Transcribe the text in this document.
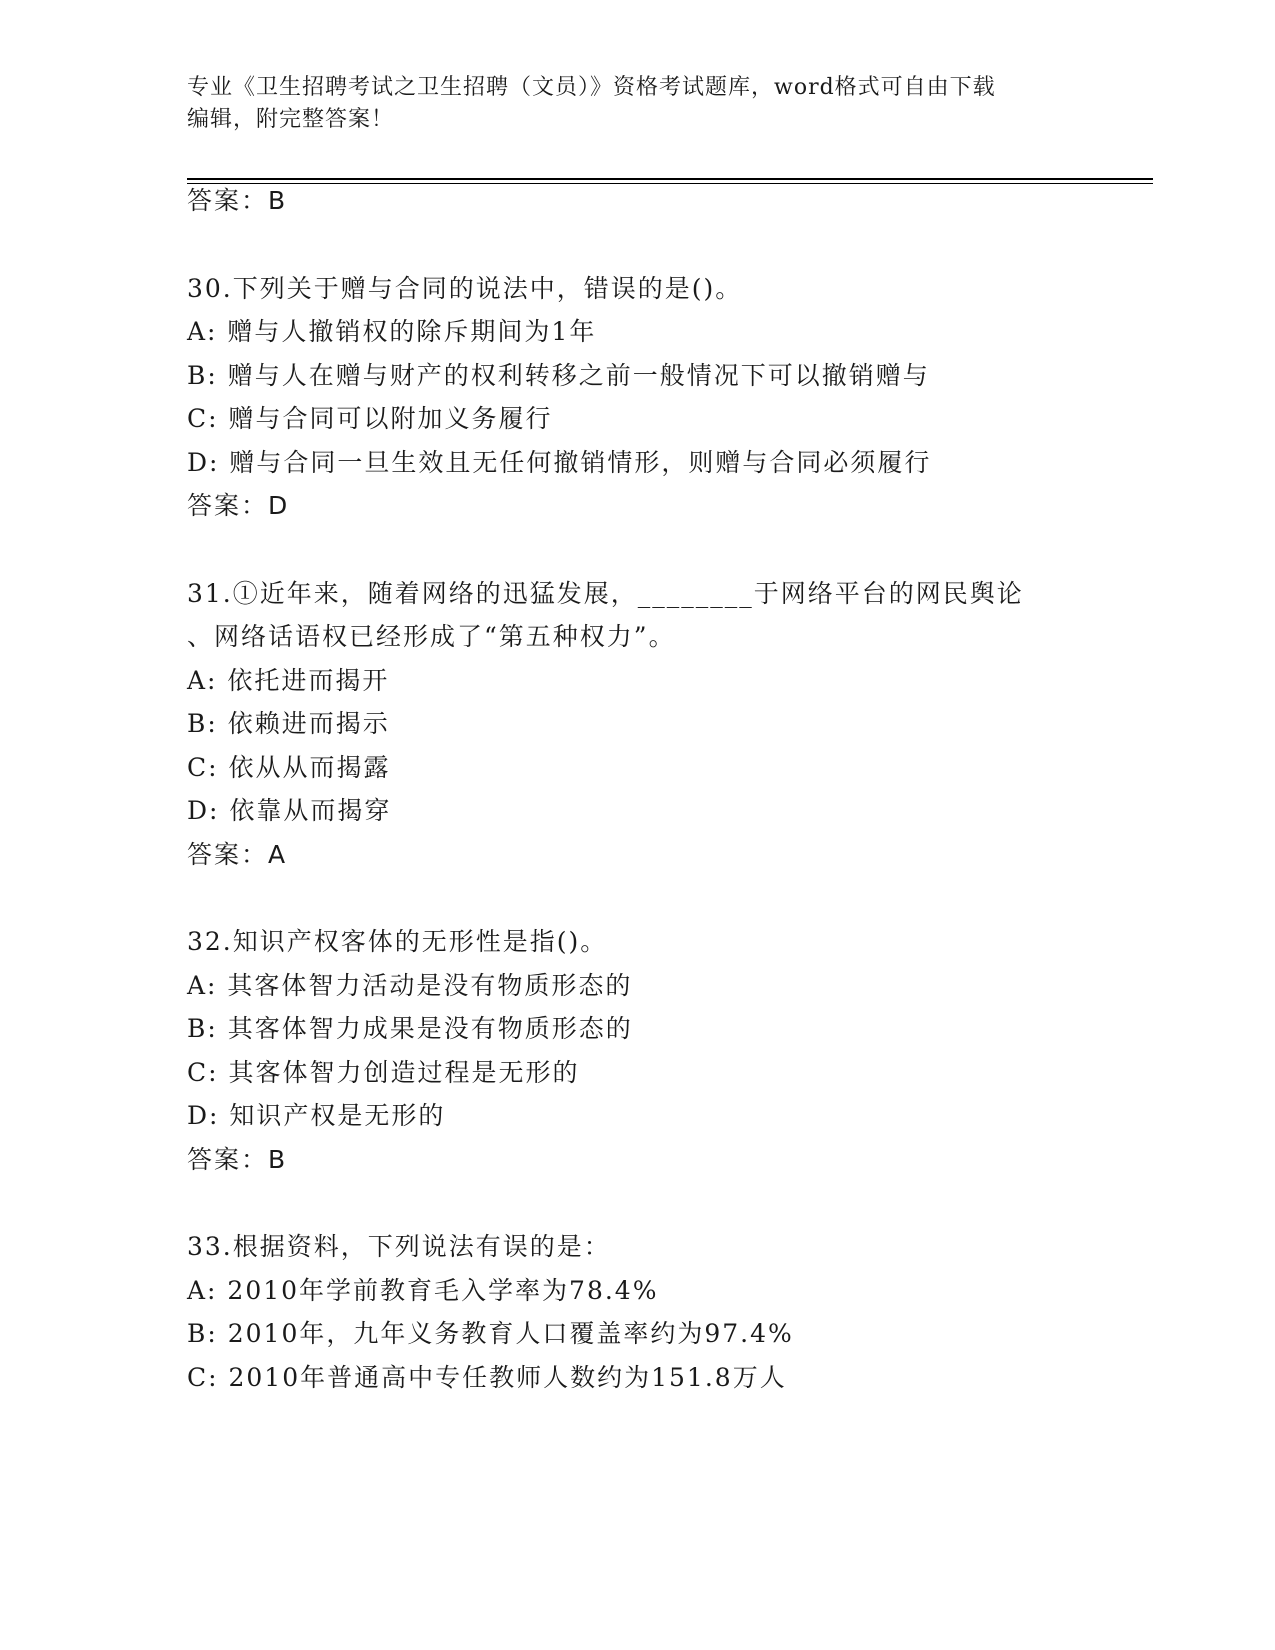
专业《卫生招聘考试之卫生招聘（文员）》资格考试题库，word格式可自由下载
编辑，附完整答案！
答案：B
30.下列关于赠与合同的说法中，错误的是()。
A: 赠与人撤销权的除斥期间为1年
B: 赠与人在赠与财产的权利转移之前一般情况下可以撤销赠与
C: 赠与合同可以附加义务履行
D: 赠与合同一旦生效且无任何撤销情形，则赠与合同必须履行
答案：D
31.①近年来，随着网络的迅猛发展，________于网络平台的网民舆论
、网络话语权已经形成了“第五种权力”。
A: 依托进而揭开
B: 依赖进而揭示
C: 依从从而揭露
D: 依靠从而揭穿
答案：A
32.知识产权客体的无形性是指()。
A: 其客体智力活动是没有物质形态的
B: 其客体智力成果是没有物质形态的
C: 其客体智力创造过程是无形的
D: 知识产权是无形的
答案：B
33.根据资料，下列说法有误的是：
A: 2010年学前教育毛入学率为78.4%
B: 2010年，九年义务教育人口覆盖率约为97.4%
C: 2010年普通高中专任教师人数约为151.8万人
